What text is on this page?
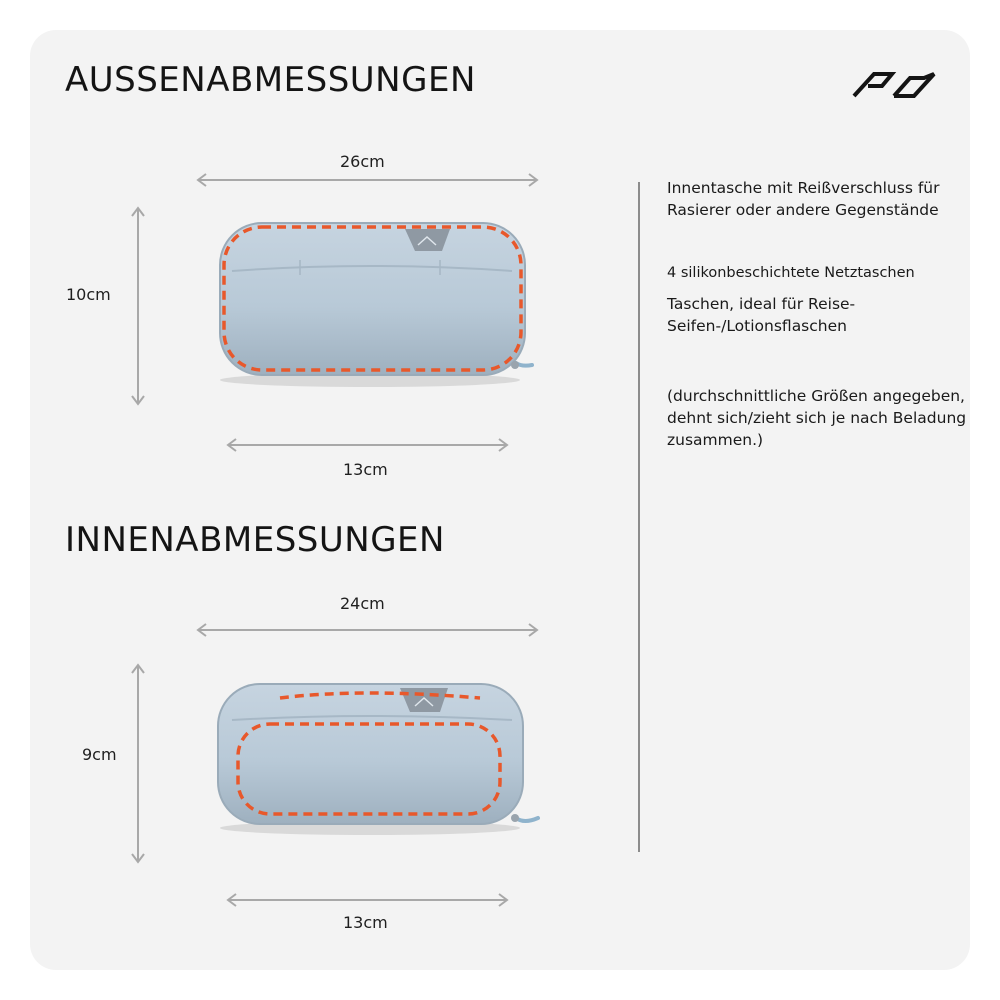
AUSSENABMESSUNGEN
INNENABMESSUNGEN
26cm
10cm
13cm
24cm
9cm
13cm

Innentasche mit Reißverschluss für Rasierer oder andere Gegenstände

4 silikonbeschichtete Netztaschen

Taschen, ideal für Reise-Seifen-/Lotionsflaschen

(durchschnittliche Größen angegeben, dehnt sich/zieht sich je nach Beladung zusammen.)
